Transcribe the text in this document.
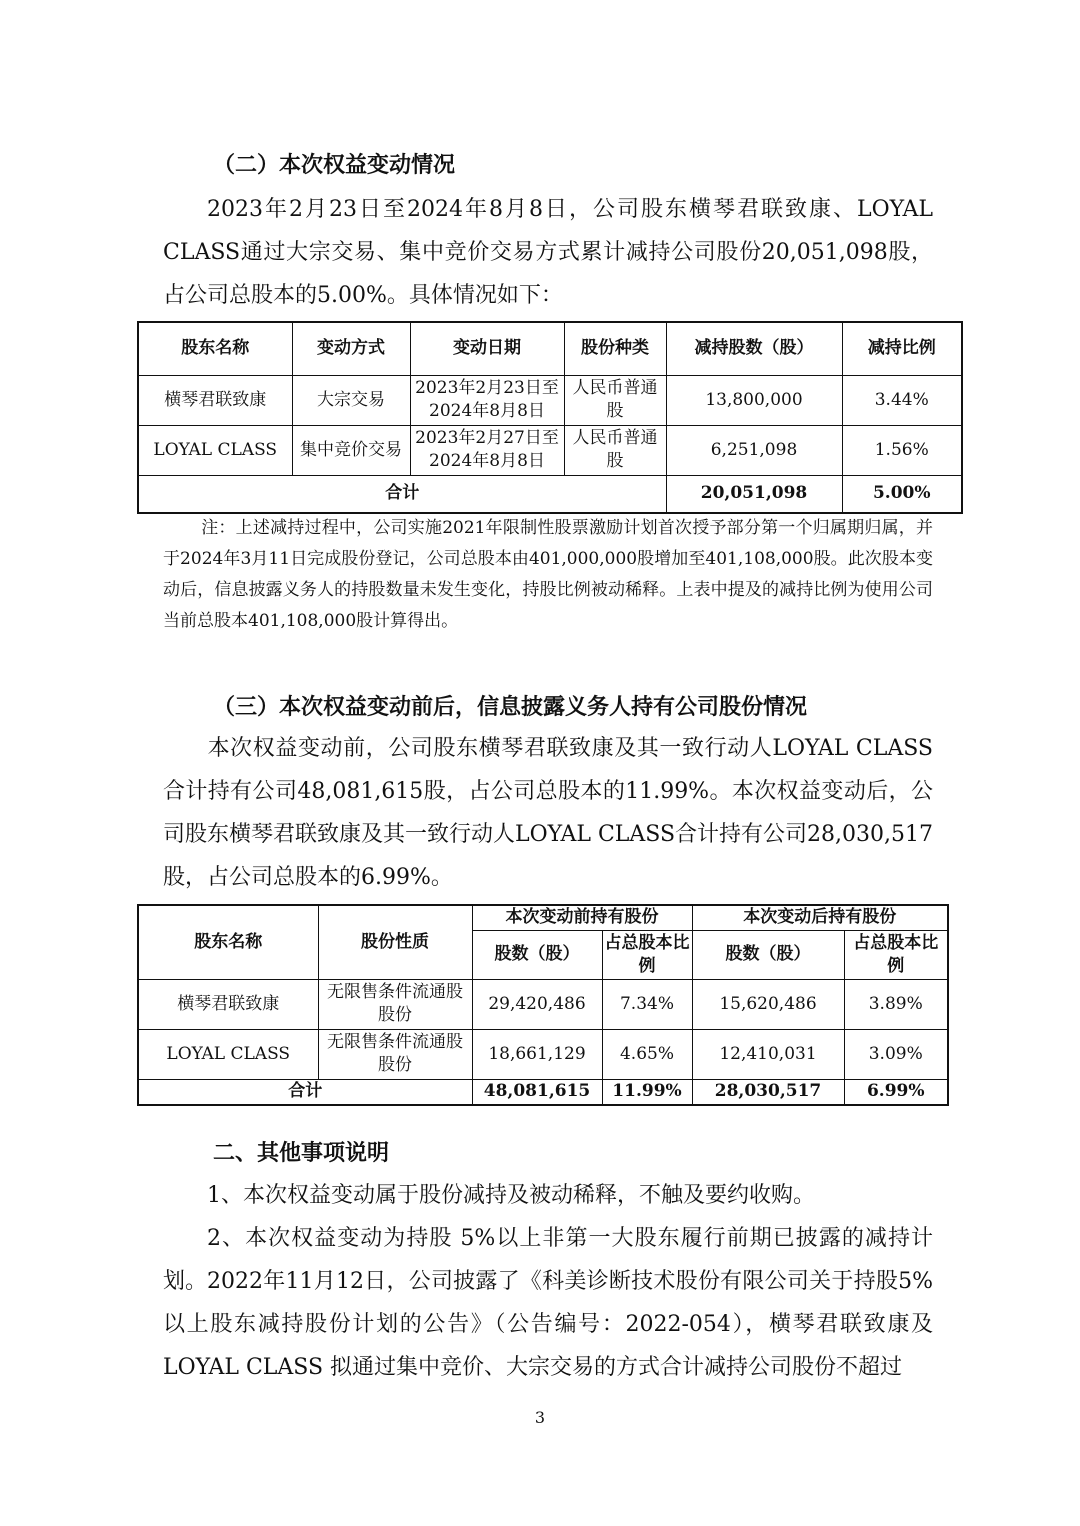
（二）本次权益变动情况
2023年2月23日至2024年8月8日，公司股东横琴君联致康、LOYAL CLASS通过大宗交易、集中竞价交易方式累计减持公司股份20,051,098股，占公司总股本的5.00%。具体情况如下：
股东名称	变动方式	变动日期	股份种类	减持股数（股）	减持比例
横琴君联致康	大宗交易	2023年2月23日至2024年8月8日	人民币普通股	13,800,000	3.44%
LOYAL CLASS	集中竞价交易	2023年2月27日至2024年8月8日	人民币普通股	6,251,098	1.56%
合计				20,051,098	5.00%
注：上述减持过程中，公司实施2021年限制性股票激励计划首次授予部分第一个归属期归属，并于2024年3月11日完成股份登记，公司总股本由401,000,000股增加至401,108,000股。此次股本变动后，信息披露义务人的持股数量未发生变化，持股比例被动稀释。上表中提及的减持比例为使用公司当前总股本401,108,000股计算得出。
（三）本次权益变动前后，信息披露义务人持有公司股份情况
本次权益变动前，公司股东横琴君联致康及其一致行动人LOYAL CLASS合计持有公司48,081,615股，占公司总股本的11.99%。本次权益变动后，公司股东横琴君联致康及其一致行动人LOYAL CLASS合计持有公司28,030,517股，占公司总股本的6.99%。
股东名称	股份性质	本次变动前持有股份		本次变动后持有股份	
		股数（股）	占总股本比例	股数（股）	占总股本比例
横琴君联致康	无限售条件流通股股份	29,420,486	7.34%	15,620,486	3.89%
LOYAL CLASS	无限售条件流通股股份	18,661,129	4.65%	12,410,031	3.09%
合计		48,081,615	11.99%	28,030,517	6.99%
二、其他事项说明
1、本次权益变动属于股份减持及被动稀释，不触及要约收购。
2、本次权益变动为持股 5%以上非第一大股东履行前期已披露的减持计划。 2022年11月12日，公司披露了《科美诊断技术股份有限公司关于持股5%以上股东减持股份计划的公告》（公告编号：2022-054），横琴君联致康及LOYAL CLASS 拟通过集中竞价、大宗交易的方式合计减持公司股份不超过
3
